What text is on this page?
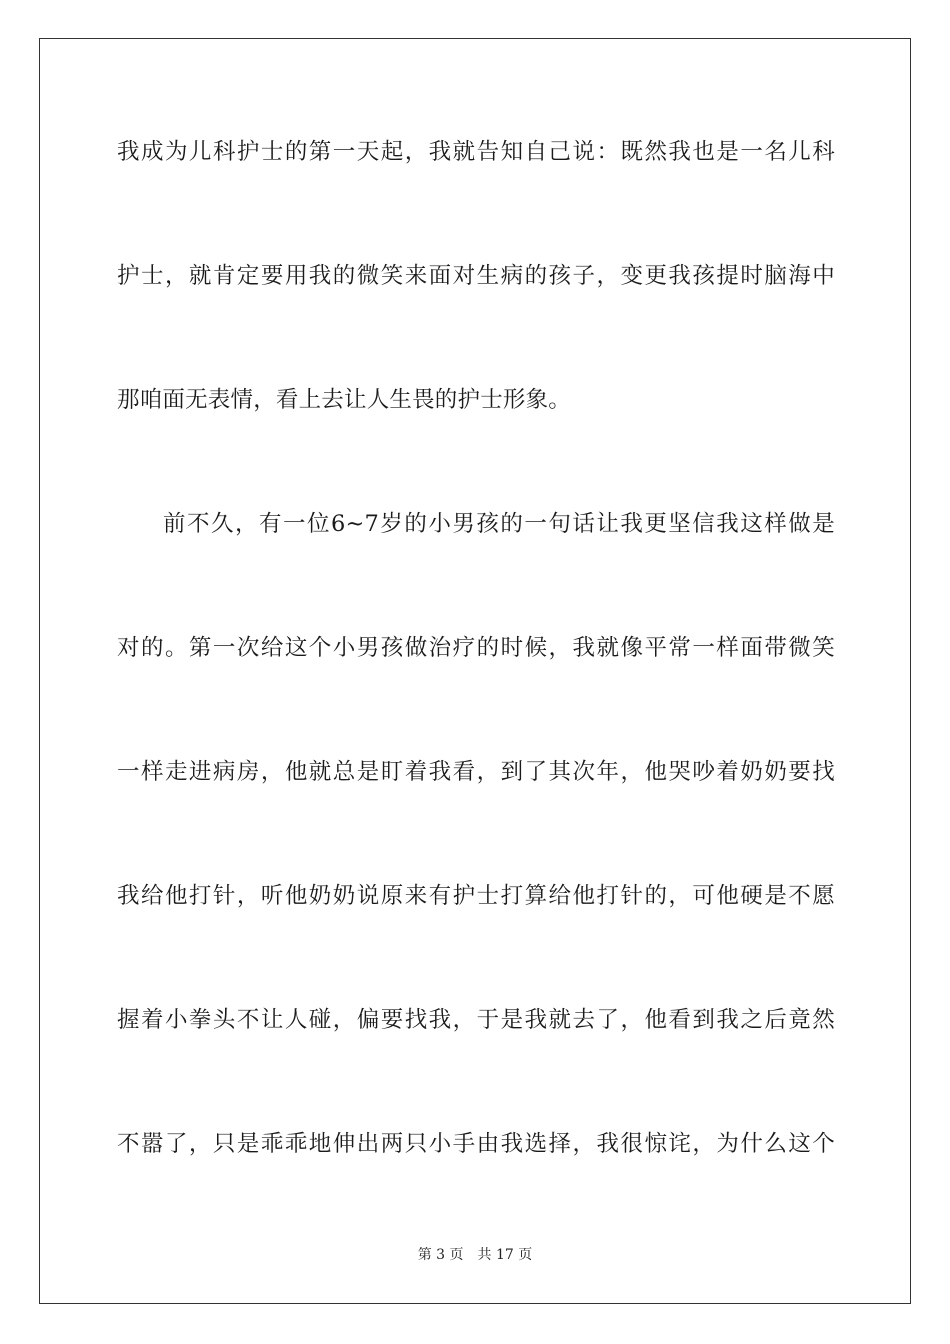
我成为儿科护士的第一天起，我就告知自己说：既然我也是一名儿科
护士，就肯定要用我的微笑来面对生病的孩子，变更我孩提时脑海中
那咱面无表情，看上去让人生畏的护士形象。
前不久，有一位6~7岁的小男孩的一句话让我更坚信我这样做是
对的。第一次给这个小男孩做治疗的时候，我就像平常一样面带微笑
一样走进病房，他就总是盯着我看，到了其次年，他哭吵着奶奶要找
我给他打针，听他奶奶说原来有护士打算给他打针的，可他硬是不愿
握着小拳头不让人碰，偏要找我，于是我就去了，他看到我之后竟然
不嚣了，只是乖乖地伸出两只小手由我选择，我很惊诧，为什么这个
第 3 页 共 17 页
